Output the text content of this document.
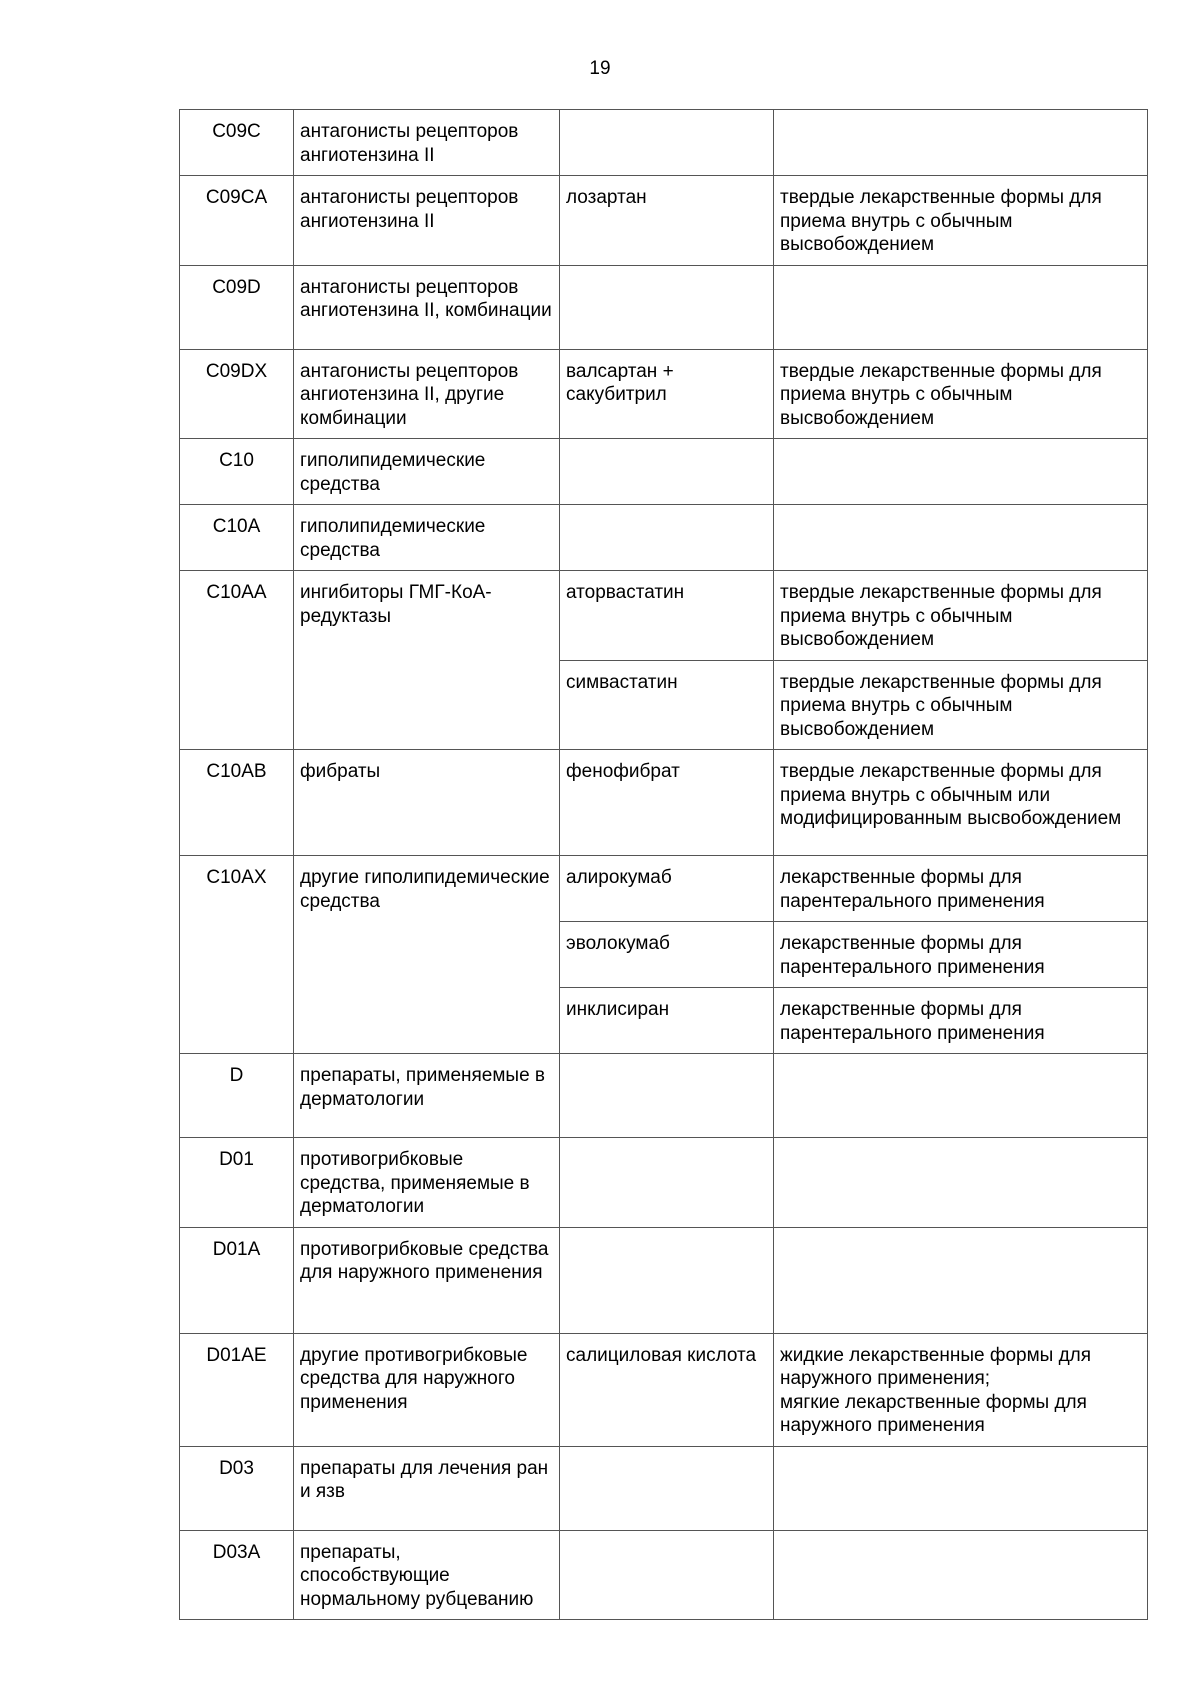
19
C09C	антагонисты рецепторов ангиотензина II		
C09CA	антагонисты рецепторов ангиотензина II	лозартан	твердые лекарственные формы для приема внутрь с обычным высвобождением
C09D	антагонисты рецепторов ангиотензина II, комбинации		
C09DX	антагонисты рецепторов ангиотензина II, другие комбинации	валсартан + сакубитрил	твердые лекарственные формы для приема внутрь с обычным высвобождением
C10	гиполипидемические средства		
C10A	гиполипидемические средства		
C10AA	ингибиторы ГМГ-КоА-редуктазы	аторвастатин	твердые лекарственные формы для приема внутрь с обычным высвобождением
		симвастатин	твердые лекарственные формы для приема внутрь с обычным высвобождением
C10AB	фибраты	фенофибрат	твердые лекарственные формы для приема внутрь с обычным или модифицированным высвобождением
C10AX	другие гиполипидемические средства	алирокумаб	лекарственные формы для парентерального применения
		эволокумаб	лекарственные формы для парентерального применения
		инклисиран	лекарственные формы для парентерального применения
D	препараты, применяемые в дерматологии		
D01	противогрибковые средства, применяемые в дерматологии		
D01A	противогрибковые средства для наружного применения		
D01AE	другие противогрибковые средства для наружного применения	салициловая кислота	жидкие лекарственные формы для наружного применения;
мягкие лекарственные формы для наружного применения
D03	препараты для лечения ран и язв		
D03A	препараты, способствующие нормальному рубцеванию		
